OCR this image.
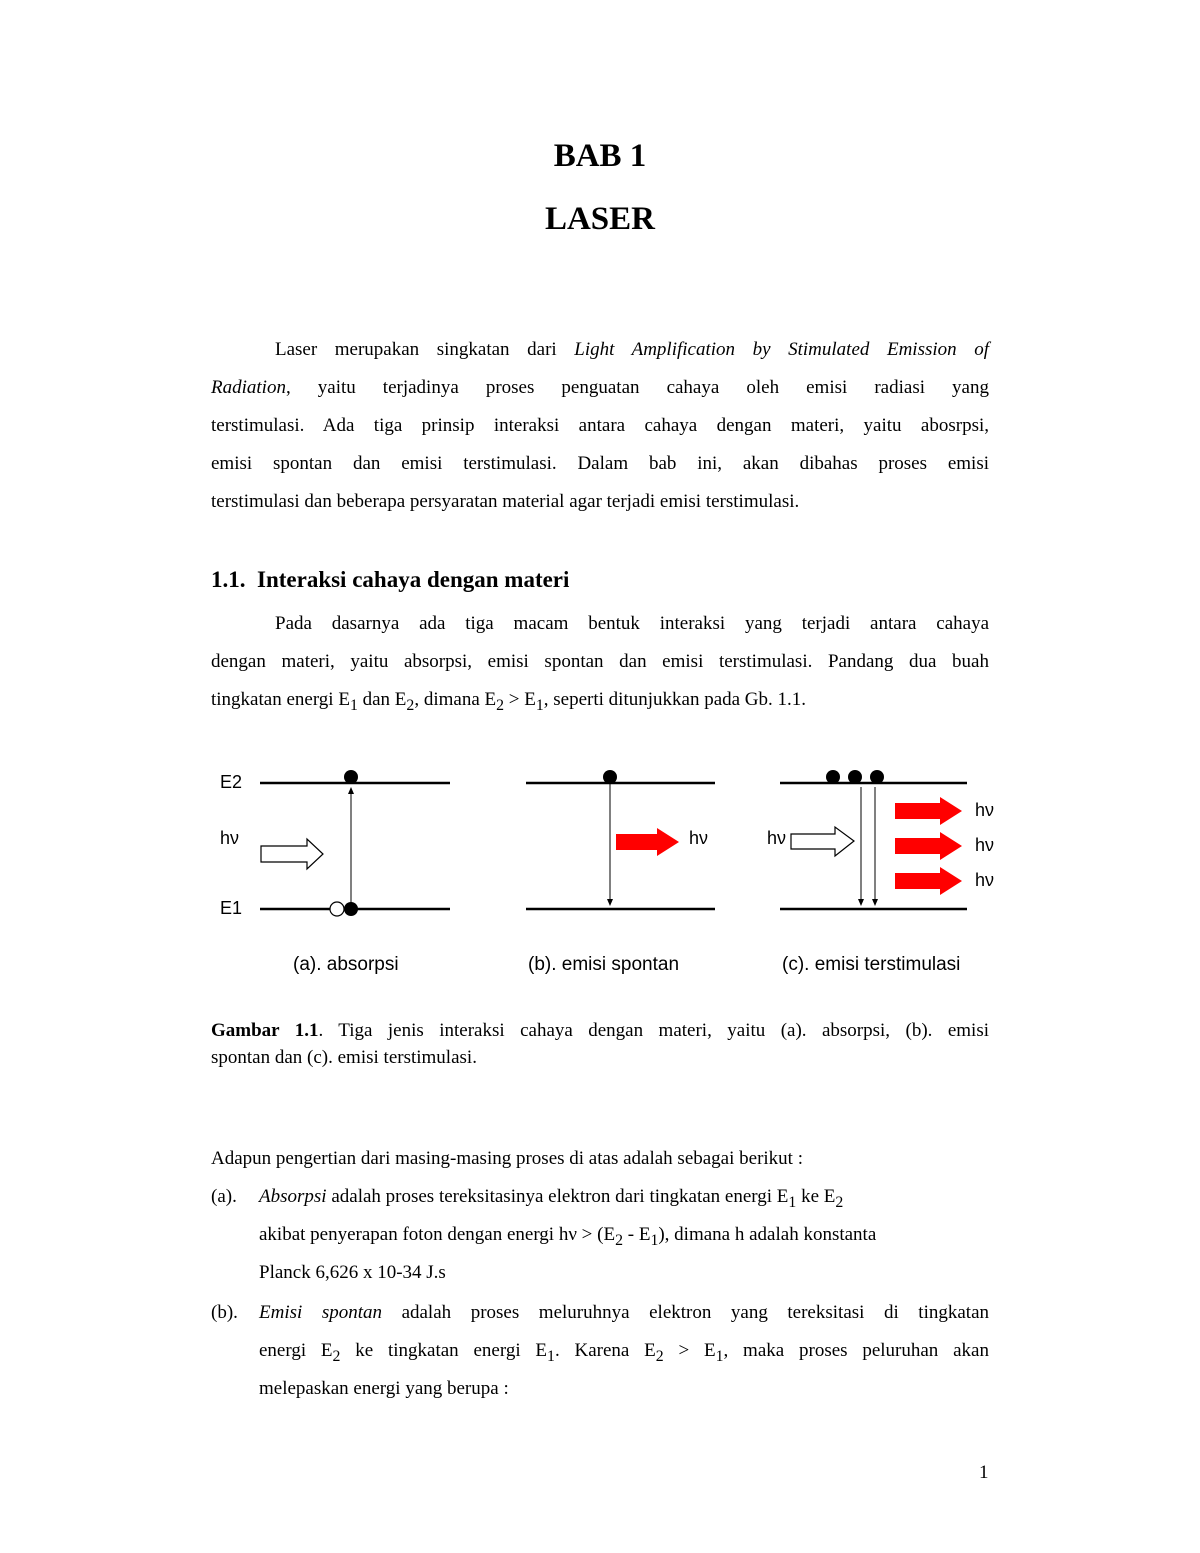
BAB 1
LASER
Laser merupakan singkatan dari Light Amplification by Stimulated Emission of
Radiation, yaitu terjadinya proses penguatan cahaya oleh emisi radiasi yang
terstimulasi. Ada tiga prinsip interaksi antara cahaya dengan materi, yaitu abosrpsi,
emisi spontan dan emisi terstimulasi. Dalam bab ini, akan dibahas proses emisi
terstimulasi dan beberapa persyaratan material agar terjadi emisi terstimulasi.
1.1. Interaksi cahaya dengan materi
Pada dasarnya ada tiga macam bentuk interaksi yang terjadi antara cahaya
dengan materi, yaitu absorpsi, emisi spontan dan emisi terstimulasi. Pandang dua buah
tingkatan energi $E_1$ dan $E_2$, dimana $E_2 > E_1$, seperti ditunjukkan pada Gb. 1.1.
E2
hν
E1
(a). absorpsi
hν
(b). emisi spontan
hν
hν
hν
hν
(c). emisi terstimulasi
Gambar 1.1. Tiga jenis interaksi cahaya dengan materi, yaitu (a). absorpsi, (b). emisi
spontan dan (c). emisi terstimulasi.
Adapun pengertian dari masing-masing proses di atas adalah sebagai berikut :
(a).	Absorpsi adalah proses tereksitasinya elektron dari tingkatan energi $E_1$ ke $E_2$
akibat penyerapan foton dengan energi $h\nu > (E_2 - E_1)$, dimana h adalah konstanta
Planck 6,626 x 10-34 J.s
(b).	Emisi spontan adalah proses meluruhnya elektron yang tereksitasi di tingkatan
energi $E_2$ ke tingkatan energi $E_1$. Karena $E_2 > E_1$, maka proses peluruhan akan
melepaskan energi yang berupa :
1
